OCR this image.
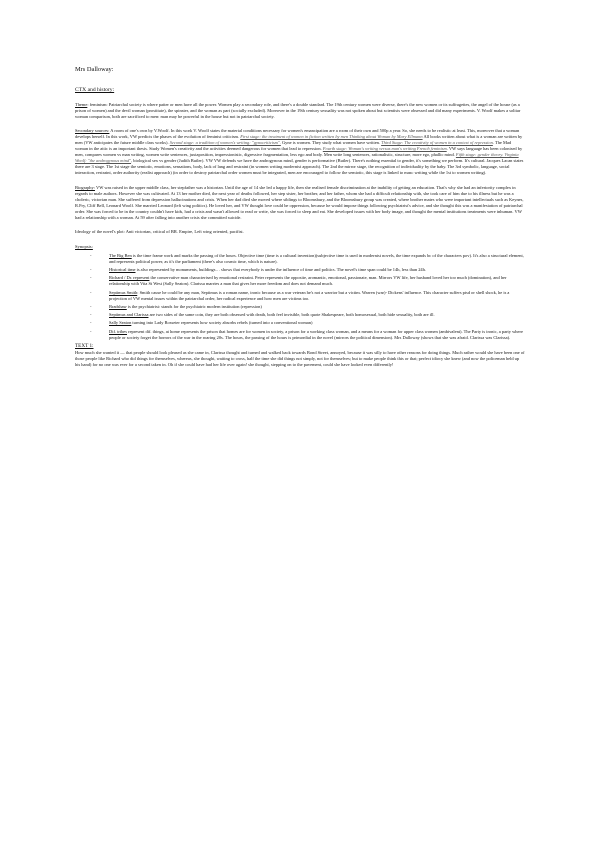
Mrs Dalloway:
CTX and history:

Theme: feminism: Patriarchal society is where patter or men have all the power. Women play a secondary role, and there's a double standard. The 19th century women were diverse, there's the new women or its suffragettes, the angel of the house (as a prison of women) and the devil woman (prostitute), the spinster, and the woman as part (socially excluded). Moreover in the 19th century sexuality was not spoken about but scientists were obsessed and did many experiments. V. Woolf makes a solitar woman comparison, both are sacrificed to men: man may be powerful in the house but not in patriarchal society.

Secondary sources: A room of one's own by V.Woolf. In this work V. Woolf states the material conditions necessary for women's emancipation are a room of their own and 500p a year. So, she needs to be realistic at least. This, moreover that a woman develops herself. In this work, VW predicts the phases of the evolution of feminist criticism. First stage: the treatment of women in fiction written by men Thinking about Woman by Mary Ellmann All books written about what is a woman are written by men (VW anticipates the future middle class works). Second stage: a tradition of women's writing: "gynocriticism". Gyne is women. They study what women have written. Third Stage: The creativity of women in a context of repression. The Mad woman in the attic is an important thesis. Study Women's creativity and the activities deemed dangerous for women that lead to repression. Fourth stage: Woman's writing versus man's writing French feminism. VW says language has been colonised by men, compares women vs man writing, women write sentences, juxtaposition, impressionistic, digressive fragmentation, less ego and body. Men write long sentences, rationalistic, structure, more ego, phallic mind. Fifth stage: gender theory. Virginia Woolf: "the androgynous mind", biological sex vs gender (Judith Butler). VW VW defends we have the androgynous mind, gender is performative (Butler). There's nothing essential to gender, it's something we perform. It's cultural. Jacques Lacan states there are 3 stage. The 1st stage the semiotic, emotions, sensations, body, lack of lang and restraint (in women writing modernist approach). The 2nd the mirror stage, the recognition of individuality by the baby. The 3rd symbolic, language, social interaction, restraint, order authority (realist approach) (in order to destroy patriarchal order women must be integrated, men are encouraged to follow the semiotic, this stage is linked to masc writing while the 1st to women writing).

Biography: VW was raised in the upper middle class, her stepfather was a historian. Until the age of 14 she led a happy life, then she realised female discrimination at the inability of getting an education. That's why she had an inferiority complex in regards to male authors. However she was cultivated. At 13 her mother died, the next year of deaths followed, her step sister, her brother, and her father, whom she had a difficult relationship with, she took care of him due to his illness but he was a choleric, victorian man. She suffered from depression hallucinations and crisis. When her dad died she moved where siblings to Bloomsbury, and the Bloomsbury group was created, where brother mates who were important intellectuals such as Keynes, R.Fry, Cliff Bell, Leonard Woolf. She married Leonard (left wing politics). He loved her, and VW thought love could be oppression, because he would impose things following psychiatrist's advice, and she thought this was a manifestation of patriarchal order. She was forced to be in the country couldn't have kids, had a crisis and wasn't allowed to read or write, she was forced to sleep and eat. She developed issues with her body image, and thought the mental institutions treatments were inhuman. VW had a relationship with a woman. At 59 after falling into another crisis she committed suicide.

Ideology of the novel's plot: Anti victorian, critical of BR. Empire, Left wing oriented, pacifist.

Synopsis:
-	The Big Ben is the time frame work and marks the passing of the hours. Objective time (time is a cultural invention)(subjective time is used in modernist novels, the time expands bc of the characters pov). It's also a structural element, and represents political power, as it's the parliament (there's also cosmic time, which is nature).
-	Historical time is also represented by monuments, buildings… shows that everybody is under the influence of time and politics. The novel's time span could be 14h, less than 24h.
-	Richard / Dr. represent the conservative man characterised by emotional restraint. Peter represents the opposite, aromantic, emotional, passionate, man. Mirrors VW life, her husband loved her too much (domination), and her relationship with Vita St West (Sally Seaton). Clarissa marries a man that gives her more freedom and does not demand much.
-	Septimus Smith: Smith cause he could be any man, Septimus is a roman name, ironic because as a war veteran he's not a warrior but a victim. Warren (war)- Dickens' influence. This character suffers ptsd or shell shock, he is a projection of VW mental issues within the patriarchal order, her radical experience and how men are victims too.
-	Bradshaw is the psychiatrist: stands for the psychiatric modern institution (repression)
-	Septimus and Clarissa are two sides of the same coin, they are both obsessed with death, both feel invisible, both quote Shakespeare, both homosexual, both hide sexuality, both are ill.
-	Sally Seaton turning into Lady Rosseter represents how society absorbs rebels (turned into a conventional woman)
-	Dif. tribes represent dif. things, at home represents the prison that homes are for women in society, a prison for a working class woman, and a means for a woman for upper class women (ambivalent). The Party is ironic, a party where people or society forget the horrors of the war in the roaring 20s. The hours, the passing of the hours is primordial in the novel (mirrors the political dimension). Mrs Dalloway (shows that she was afraid. Clarissa was Clarissa).
TEXT 1:

How much she wanted it — that people should look pleased as she came in, Clarissa thought and turned and walked back towards Bond Street, annoyed, because it was silly to have other reasons for doing things. Much rather would she have been one of those people like Richard who did things for themselves, whereas, she thought, waiting to cross, half the time she did things not simply, not for themselves; but to make people think this or that; perfect idiocy she knew (and now the policeman held up his hand) for no one was ever for a second taken in. Oh if she could have had her life over again! she thought, stepping on to the pavement, could she have looked even differently!
